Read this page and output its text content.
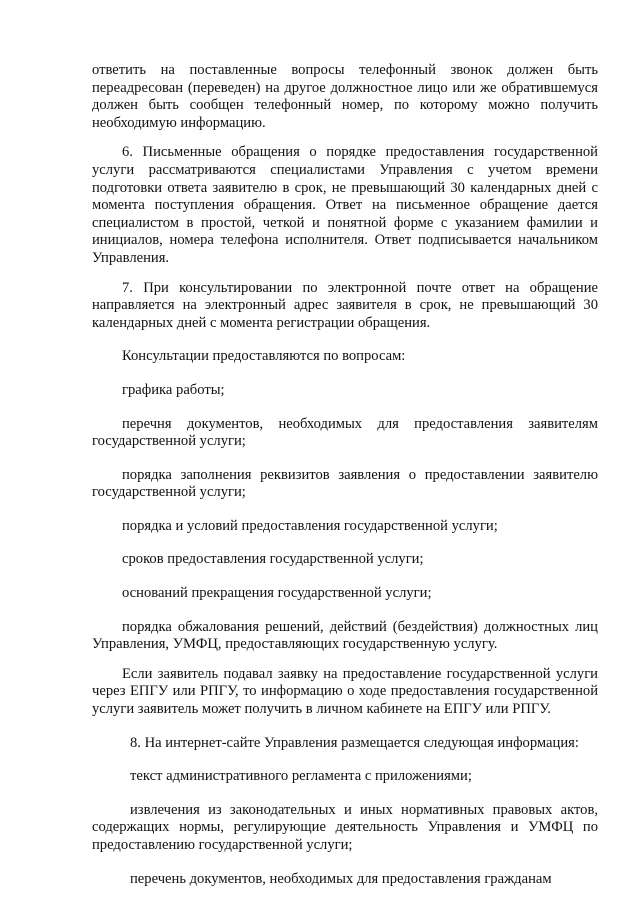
ответить на поставленные вопросы телефонный звонок должен быть переадресован (переведен) на другое должностное лицо или же обратившемуся должен быть сообщен телефонный номер, по которому можно получить необходимую информацию.

6. Письменные обращения о порядке предоставления государственной услуги рассматриваются специалистами Управления с учетом времени подготовки ответа заявителю в срок, не превышающий 30 календарных дней с момента поступления обращения. Ответ на письменное обращение дается специалистом в простой, четкой и понятной форме с указанием фамилии и инициалов, номера телефона исполнителя. Ответ подписывается начальником Управления.

7. При консультировании по электронной почте ответ на обращение направляется на электронный адрес заявителя в срок, не превышающий 30 календарных дней с момента регистрации обращения.

Консультации предоставляются по вопросам:

графика работы;

перечня документов, необходимых для предоставления заявителям государственной услуги;

порядка заполнения реквизитов заявления о предоставлении заявителю государственной услуги;

порядка и условий предоставления государственной услуги;

сроков предоставления государственной услуги;

оснований прекращения государственной услуги;

порядка обжалования решений, действий (бездействия) должностных лиц Управления, УМФЦ, предоставляющих государственную услугу.

Если заявитель подавал заявку на предоставление государственной услуги через ЕПГУ или РПГУ, то информацию о ходе предоставления государственной услуги заявитель может получить в личном кабинете на ЕПГУ или РПГУ.

8. На интернет-сайте Управления размещается следующая информация:

текст административного регламента с приложениями;

извлечения из законодательных и иных нормативных правовых актов, содержащих нормы, регулирующие деятельность Управления и УМФЦ по предоставлению государственной услуги;

перечень документов, необходимых для предоставления гражданам
